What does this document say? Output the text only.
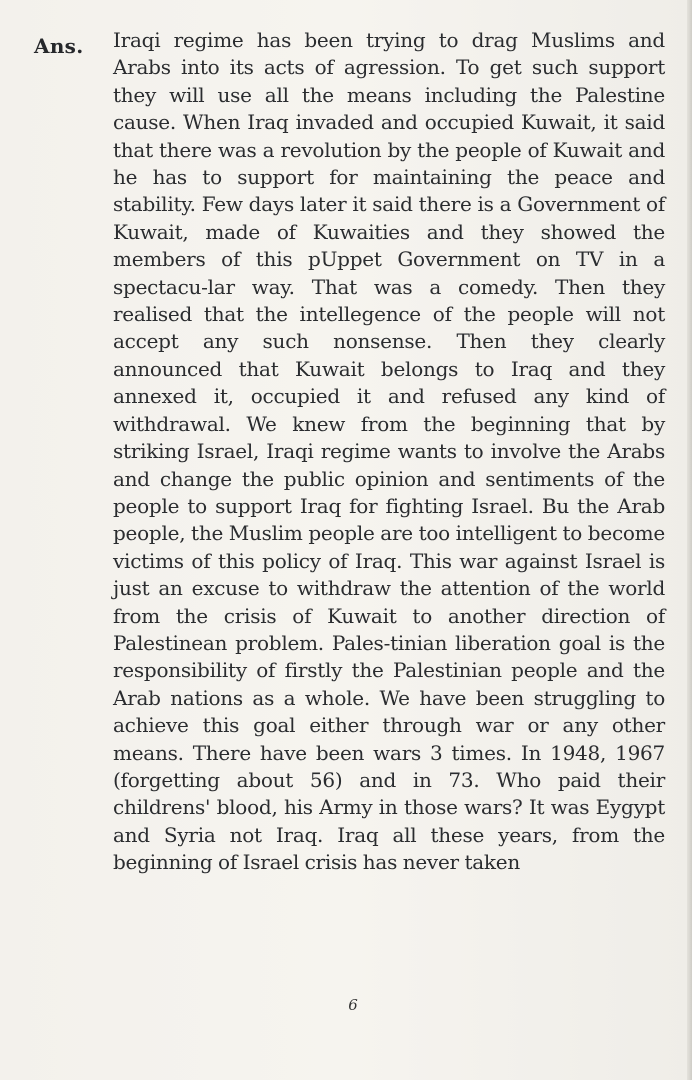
Ans. Iraqi regime has been trying to drag Muslims and Arabs into its acts of agression. To get such support they will use all the means including the Palestine cause. When Iraq invaded and occupied Kuwait, it said that there was a revolution by the people of Kuwait and he has to support for maintaining the peace and stability. Few days later it said there is a Government of Kuwait, made of Kuwaities and they showed the members of this pUppet Government on TV in a spectacu-lar way. That was a comedy. Then they realised that the intellegence of the people will not accept any such nonsense. Then they clearly announced that Kuwait belongs to Iraq and they annexed it, occupied it and refused any kind of withdrawal. We knew from the beginning that by striking Israel, Iraqi regime wants to involve the Arabs and change the public opinion and sentiments of the people to support Iraq for fighting Israel. Bu the Arab people, the Muslim people are too intelligent to become victims of this policy of Iraq. This war against Israel is just an excuse to withdraw the attention of the world from the crisis of Kuwait to another direction of Palestinean problem. Pales-tinian liberation goal is the responsibility of firstly the Palestinian people and the Arab nations as a whole. We have been struggling to achieve this goal either through war or any other means. There have been wars 3 times. In 1948, 1967 (forgetting about 56) and in 73. Who paid their childrens' blood, his Army in those wars? It was Eygypt and Syria not Iraq. Iraq all these years, from the beginning of Israel crisis has never taken

6
